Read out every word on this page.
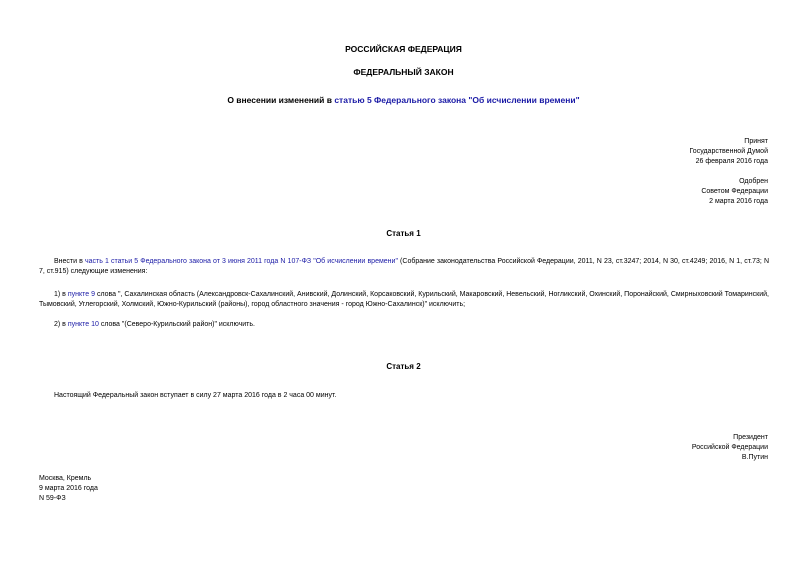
РОССИЙСКАЯ ФЕДЕРАЦИЯ
ФЕДЕРАЛЬНЫЙ ЗАКОН
О внесении изменений в статью 5 Федерального закона "Об исчислении времени"
Принят
Государственной Думой
26 февраля 2016 года
Одобрен
Советом Федерации
2 марта 2016 года
Статья 1
Внести в часть 1 статьи 5 Федерального закона от 3 июня 2011 года N 107-ФЗ "Об исчислении времени" (Собрание законодательства Российской Федерации, 2011, N 23, ст.3247; 2014, N 30, ст.4249; 2016, N 1, ст.73; N 7, ст.915) следующие изменения:
1) в пункте 9 слова ", Сахалинская область (Александровск-Сахалинский, Анивский, Долинский, Корсаковский, Курильский, Макаровский, Невельский, Ногликский, Охинский, Поронайский, Смирныховский Томаринский, Тымовский, Углегорский, Холмский, Южно-Курильский (районы), город областного значения - город Южно-Сахалинск)" исключить;
2) в пункте 10 слова "(Северо-Курильский район)" исключить.
Статья 2
Настоящий Федеральный закон вступает в силу 27 марта 2016 года в 2 часа 00 минут.
Президент
Российской Федерации
В.Путин
Москва, Кремль
9 марта 2016 года
N 59-ФЗ
